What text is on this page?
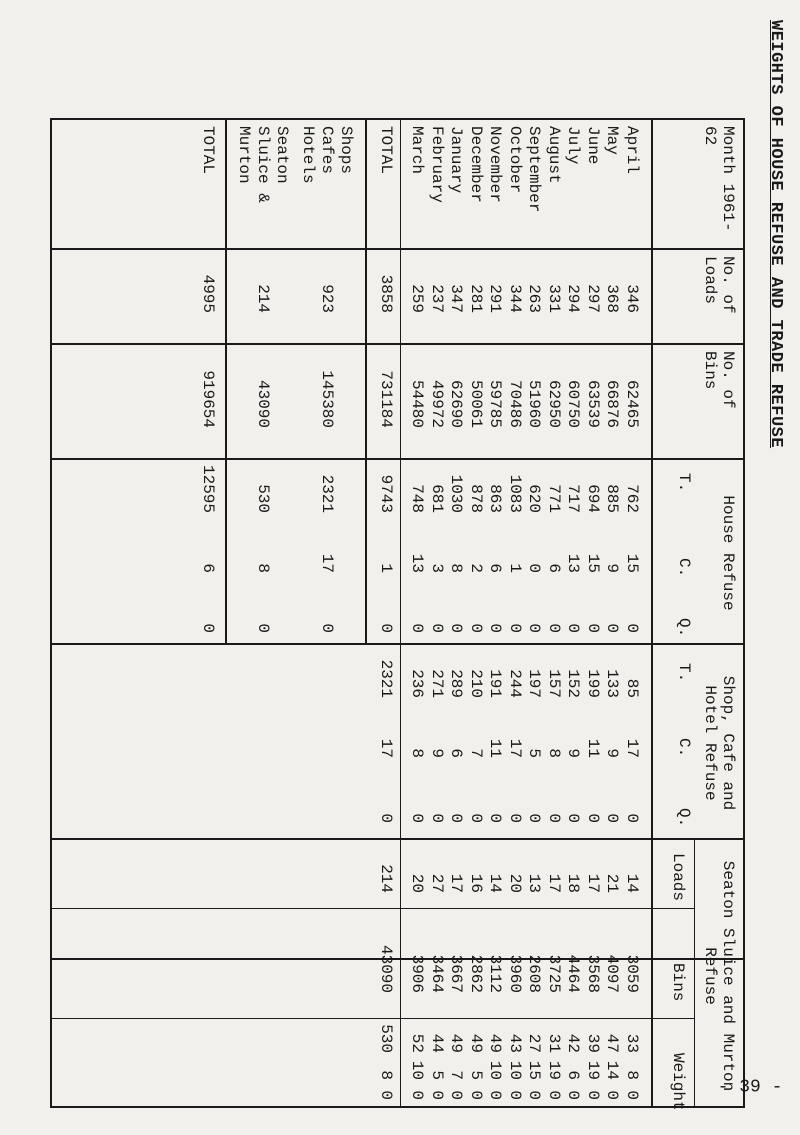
WEIGHTS OF HOUSE REFUSE AND TRADE REFUSE
Month 1961-62
No. of Loads
No. of Bins
House Refuse
Shop, Cafe and Hotel Refuse
Seaton Sluice and Murton Refuse
Loads
Bins
Weight
T.
C.
Q.
T.
C.
Q.
April
346
62465
762
15
0
85
17
0
14
3059
33
8
0
May
368
66876
885
9
0
133
9
0
21
4097
47
14
0
June
297
63539
694
15
0
199
11
0
17
3568
39
19
0
July
294
60750
717
13
0
152
9
0
18
4464
42
6
0
August
331
62950
771
6
0
157
8
0
17
3725
31
19
0
September
263
51960
620
0
0
197
5
0
13
2608
27
15
0
October
344
70486
1083
1
0
244
17
0
20
3960
43
10
0
November
291
59785
863
6
0
191
11
0
14
3112
49
10
0
December
281
50061
878
2
0
210
7
0
16
2862
49
5
0
January
347
62690
1030
8
0
289
6
0
17
3667
49
7
0
February
237
49972
681
3
0
271
9
0
27
3464
44
5
0
March
259
54480
748
13
0
236
8
0
20
3906
52
10
0
TOTAL
3858
731184
9743
1
0
2321
17
0
214
43090
530
8
0
Shops
Cafes
Hotels
923
145380
2321
17
0
Seaton
Sluice &
Murton
214
43090
530
8
0
TOTAL
4995
919654
12595
6
0
- 39 -
